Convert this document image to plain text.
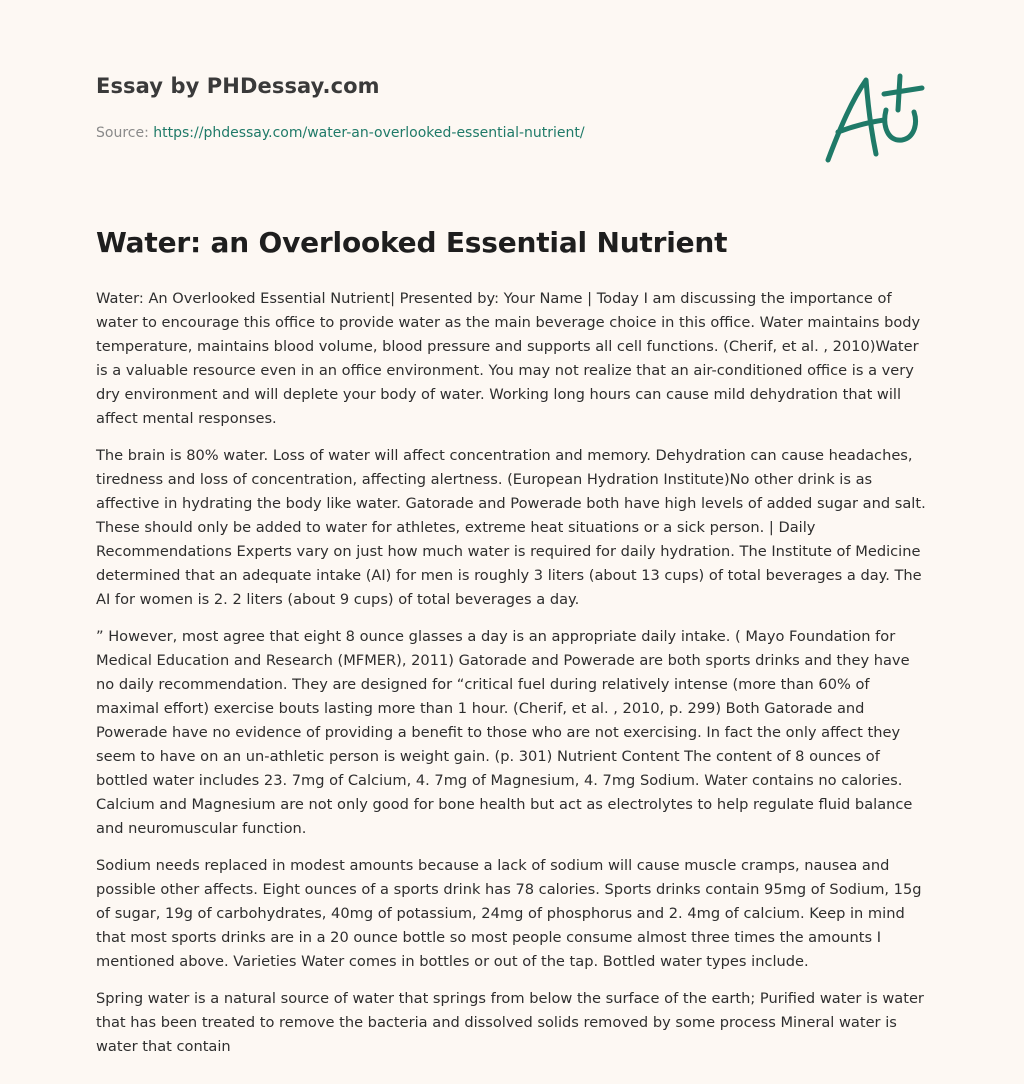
Essay by PHDessay.com
Source: https://phdessay.com/water-an-overlooked-essential-nutrient/
Water: an Overlooked Essential Nutrient

Water: An Overlooked Essential Nutrient| Presented by: Your Name | Today I am discussing the importance of water to encourage this office to provide water as the main beverage choice in this office. Water maintains body temperature, maintains blood volume, blood pressure and supports all cell functions. (Cherif, et al. , 2010)Water is a valuable resource even in an office environment. You may not realize that an air-conditioned office is a very dry environment and will deplete your body of water. Working long hours can cause mild dehydration that will affect mental responses.

The brain is 80% water. Loss of water will affect concentration and memory. Dehydration can cause headaches, tiredness and loss of concentration, affecting alertness. (European Hydration Institute)No other drink is as affective in hydrating the body like water. Gatorade and Powerade both have high levels of added sugar and salt. These should only be added to water for athletes, extreme heat situations or a sick person. | Daily Recommendations Experts vary on just how much water is required for daily hydration. The Institute of Medicine determined that an adequate intake (AI) for men is roughly 3 liters (about 13 cups) of total beverages a day. The AI for women is 2. 2 liters (about 9 cups) of total beverages a day.

” However, most agree that eight 8 ounce glasses a day is an appropriate daily intake. ( Mayo Foundation for Medical Education and Research (MFMER), 2011) Gatorade and Powerade are both sports drinks and they have no daily recommendation. They are designed for “critical fuel during relatively intense (more than 60% of maximal effort) exercise bouts lasting more than 1 hour. (Cherif, et al. , 2010, p. 299) Both Gatorade and Powerade have no evidence of providing a benefit to those who are not exercising. In fact the only affect they seem to have on an un-athletic person is weight gain. (p. 301) Nutrient Content The content of 8 ounces of bottled water includes 23. 7mg of Calcium, 4. 7mg of Magnesium, 4. 7mg Sodium. Water contains no calories. Calcium and Magnesium are not only good for bone health but act as electrolytes to help regulate fluid balance and neuromuscular function.

Sodium needs replaced in modest amounts because a lack of sodium will cause muscle cramps, nausea and possible other affects. Eight ounces of a sports drink has 78 calories. Sports drinks contain 95mg of Sodium, 15g of sugar, 19g of carbohydrates, 40mg of potassium, 24mg of phosphorus and 2. 4mg of calcium. Keep in mind that most sports drinks are in a 20 ounce bottle so most people consume almost three times the amounts I mentioned above. Varieties Water comes in bottles or out of the tap. Bottled water types include.

Spring water is a natural source of water that springs from below the surface of the earth; Purified water is water that has been treated to remove the bacteria and dissolved solids removed by some process Mineral water is water that contain
